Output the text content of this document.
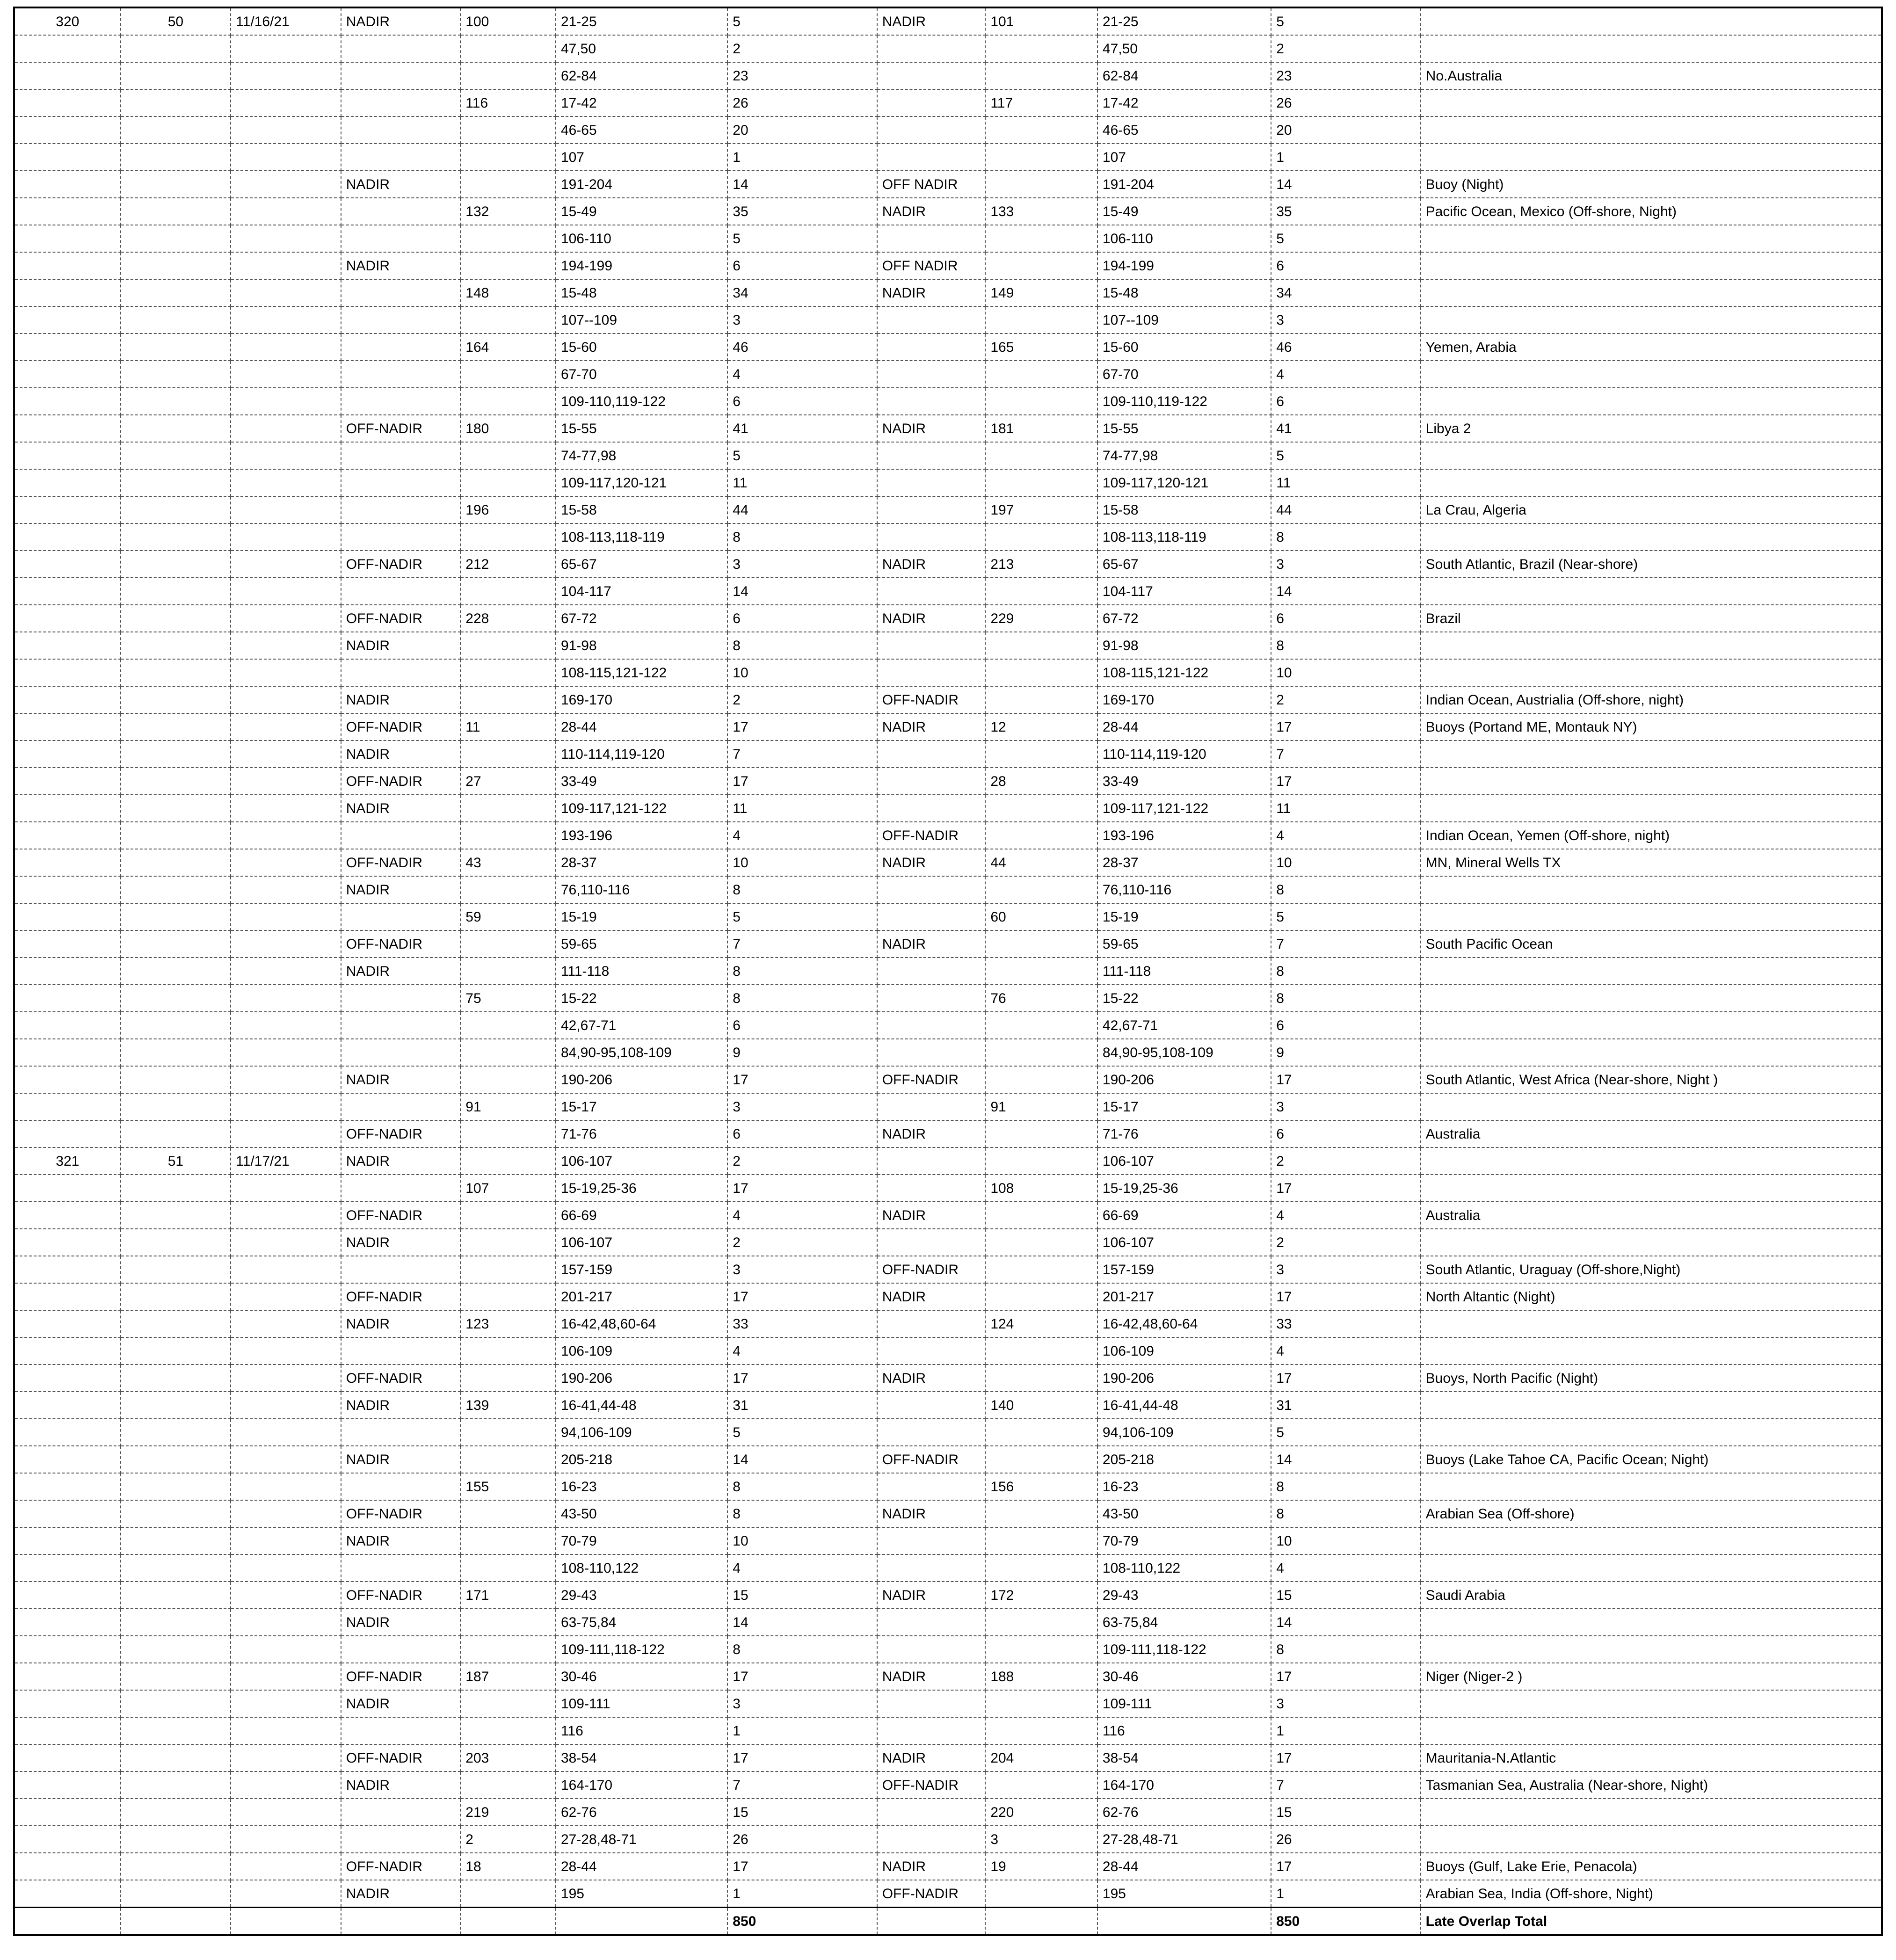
320	50	11/16/21	NADIR	100	21-25	5	NADIR	101	21-25	5	
					47,50	2			47,50	2	
					62-84	23			62-84	23	No.Australia
				116	17-42	26		117	17-42	26	
					46-65	20			46-65	20	
					107	1			107	1	
			NADIR		191-204	14	OFF NADIR		191-204	14	Buoy (Night)
				132	15-49	35	NADIR	133	15-49	35	Pacific Ocean, Mexico (Off-shore, Night)
					106-110	5			106-110	5	
			NADIR		194-199	6	OFF NADIR		194-199	6	
				148	15-48	34	NADIR	149	15-48	34	
					107--109	3			107--109	3	
				164	15-60	46		165	15-60	46	Yemen, Arabia
					67-70	4			67-70	4	
					109-110,119-122	6			109-110,119-122	6	
			OFF-NADIR	180	15-55	41	NADIR	181	15-55	41	Libya 2
					74-77,98	5			74-77,98	5	
					109-117,120-121	11			109-117,120-121	11	
				196	15-58	44		197	15-58	44	La Crau, Algeria
					108-113,118-119	8			108-113,118-119	8	
			OFF-NADIR	212	65-67	3	NADIR	213	65-67	3	South Atlantic, Brazil (Near-shore)
					104-117	14			104-117	14	
			OFF-NADIR	228	67-72	6	NADIR	229	67-72	6	Brazil
			NADIR		91-98	8			91-98	8	
					108-115,121-122	10			108-115,121-122	10	
			NADIR		169-170	2	OFF-NADIR		169-170	2	Indian Ocean, Austrialia (Off-shore, night)
			OFF-NADIR	11	28-44	17	NADIR	12	28-44	17	Buoys (Portand ME, Montauk NY)
			NADIR		110-114,119-120	7			110-114,119-120	7	
			OFF-NADIR	27	33-49	17		28	33-49	17	
			NADIR		109-117,121-122	11			109-117,121-122	11	
					193-196	4	OFF-NADIR		193-196	4	Indian Ocean, Yemen (Off-shore, night)
			OFF-NADIR	43	28-37	10	NADIR	44	28-37	10	MN, Mineral Wells TX
			NADIR		76,110-116	8			76,110-116	8	
				59	15-19	5		60	15-19	5	
			OFF-NADIR		59-65	7	NADIR		59-65	7	South Pacific Ocean
			NADIR		111-118	8			111-118	8	
				75	15-22	8		76	15-22	8	
					42,67-71	6			42,67-71	6	
					84,90-95,108-109	9			84,90-95,108-109	9	
			NADIR		190-206	17	OFF-NADIR		190-206	17	South Atlantic, West Africa (Near-shore, Night )
				91	15-17	3		91	15-17	3	
			OFF-NADIR		71-76	6	NADIR		71-76	6	Australia
321	51	11/17/21	NADIR		106-107	2			106-107	2	
				107	15-19,25-36	17		108	15-19,25-36	17	
			OFF-NADIR		66-69	4	NADIR		66-69	4	Australia
			NADIR		106-107	2			106-107	2	
					157-159	3	OFF-NADIR		157-159	3	South Atlantic, Uraguay (Off-shore,Night)
			OFF-NADIR		201-217	17	NADIR		201-217	17	North Altantic (Night)
			NADIR	123	16-42,48,60-64	33		124	16-42,48,60-64	33	
					106-109	4			106-109	4	
			OFF-NADIR		190-206	17	NADIR		190-206	17	Buoys, North Pacific (Night)
			NADIR	139	16-41,44-48	31		140	16-41,44-48	31	
					94,106-109	5			94,106-109	5	
			NADIR		205-218	14	OFF-NADIR		205-218	14	Buoys (Lake Tahoe CA, Pacific Ocean; Night)
				155	16-23	8		156	16-23	8	
			OFF-NADIR		43-50	8	NADIR		43-50	8	Arabian Sea (Off-shore)
			NADIR		70-79	10			70-79	10	
					108-110,122	4			108-110,122	4	
			OFF-NADIR	171	29-43	15	NADIR	172	29-43	15	Saudi Arabia
			NADIR		63-75,84	14			63-75,84	14	
					109-111,118-122	8			109-111,118-122	8	
			OFF-NADIR	187	30-46	17	NADIR	188	30-46	17	Niger (Niger-2 )
			NADIR		109-111	3			109-111	3	
					116	1			116	1	
			OFF-NADIR	203	38-54	17	NADIR	204	38-54	17	Mauritania-N.Atlantic
			NADIR		164-170	7	OFF-NADIR		164-170	7	Tasmanian Sea, Australia (Near-shore, Night)
				219	62-76	15		220	62-76	15	
				2	27-28,48-71	26		3	27-28,48-71	26	
			OFF-NADIR	18	28-44	17	NADIR	19	28-44	17	Buoys (Gulf, Lake Erie, Penacola)
			NADIR		195	1	OFF-NADIR		195	1	Arabian Sea, India (Off-shore, Night)
						850				850	Late Overlap Total
